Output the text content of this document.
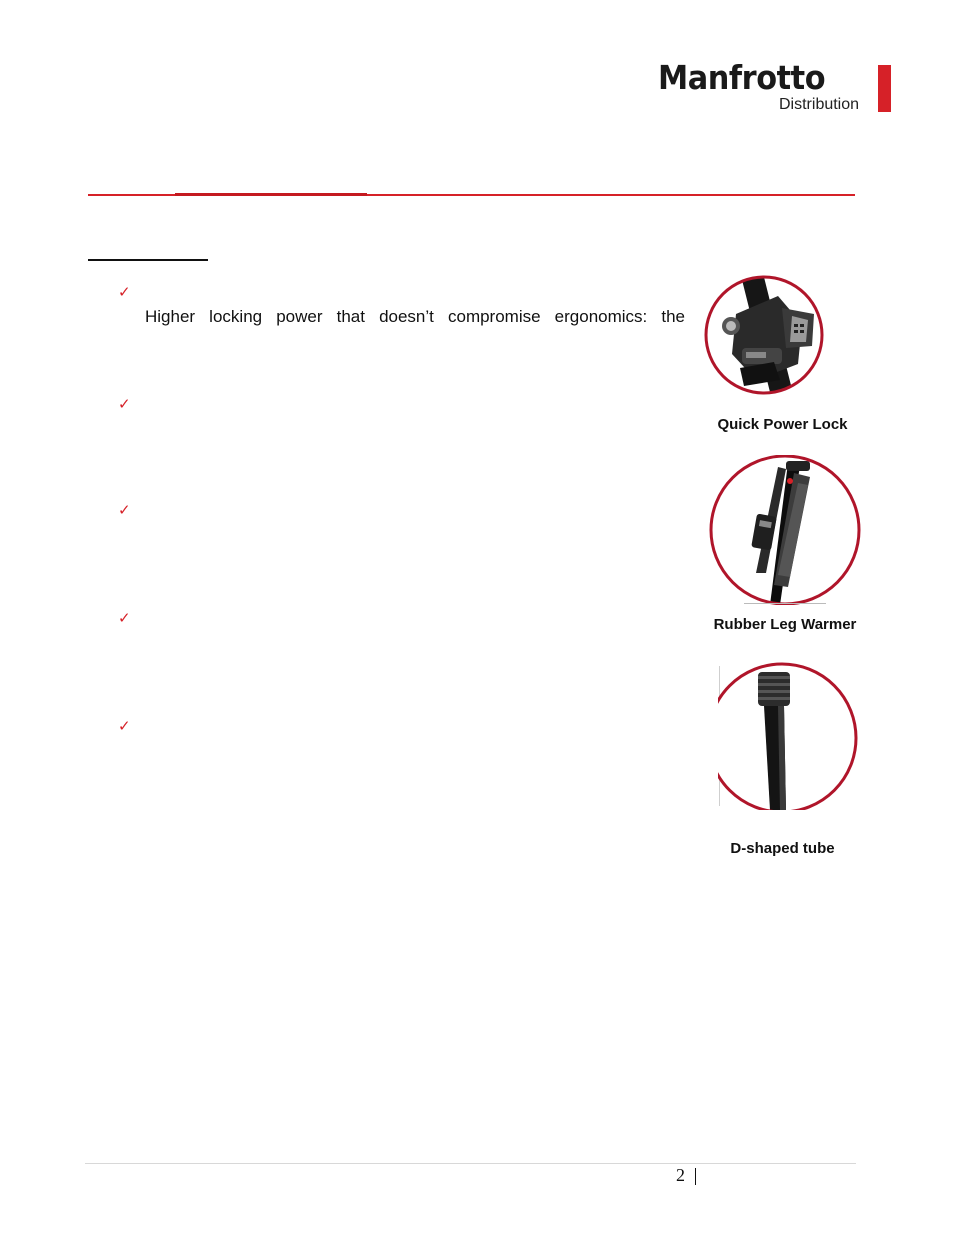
Manfrotto
Distribution
✓
Higher locking power that doesn’t compromise ergonomics: the
✓
✓
✓
✓
Quick Power Lock
Rubber Leg Warmer
D-shaped tube
2
